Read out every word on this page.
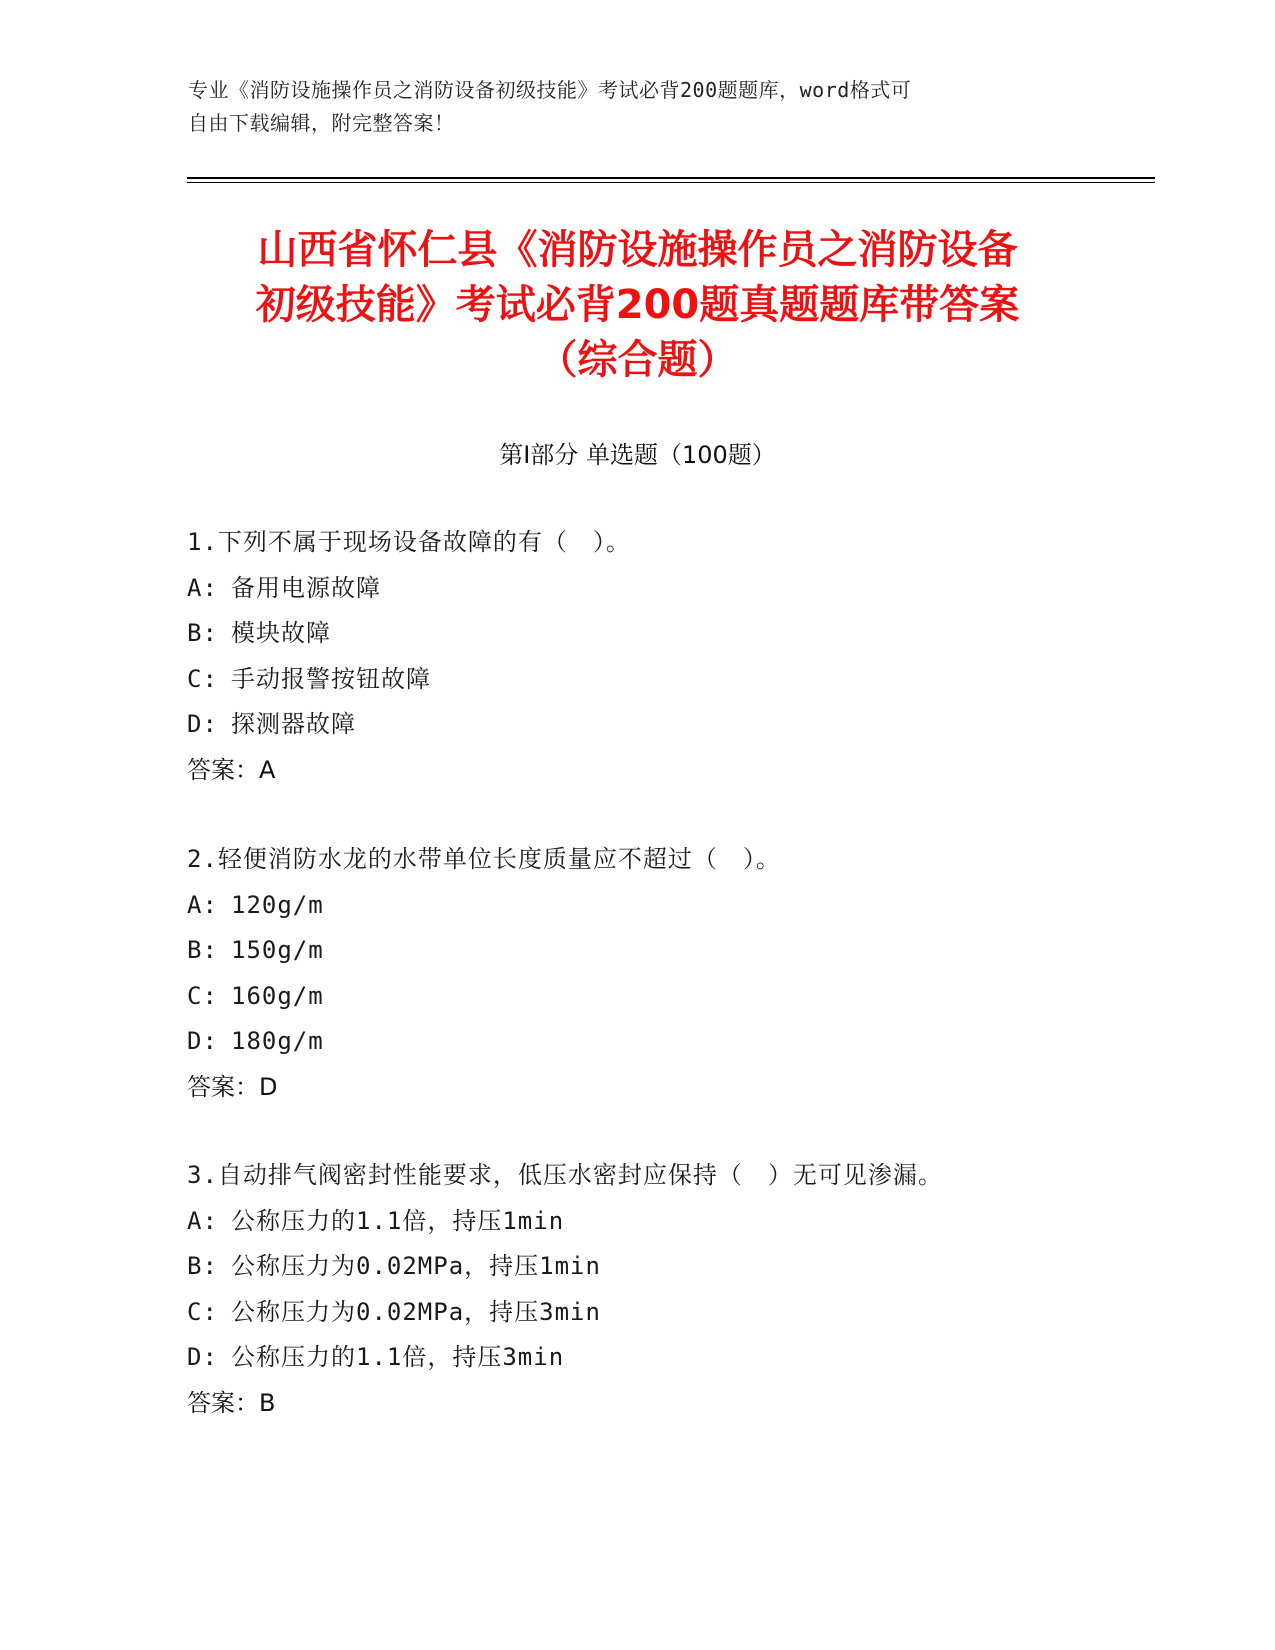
专业《消防设施操作员之消防设备初级技能》考试必背200题题库，word格式可
自由下载编辑，附完整答案！
山西省怀仁县《消防设施操作员之消防设备
初级技能》考试必背200题真题题库带答案
（综合题）
第Ⅰ部分 单选题（100题）
1.下列不属于现场设备故障的有（　）。
A: 备用电源故障
B: 模块故障
C: 手动报警按钮故障
D: 探测器故障
答案：A
2.轻便消防水龙的水带单位长度质量应不超过（　）。
A: 120g/m
B: 150g/m
C: 160g/m
D: 180g/m
答案：D
3.自动排气阀密封性能要求，低压水密封应保持（　）无可见渗漏。
A: 公称压力的1.1倍，持压1min
B: 公称压力为0.02MPa，持压1min
C: 公称压力为0.02MPa，持压3min
D: 公称压力的1.1倍，持压3min
答案：B
